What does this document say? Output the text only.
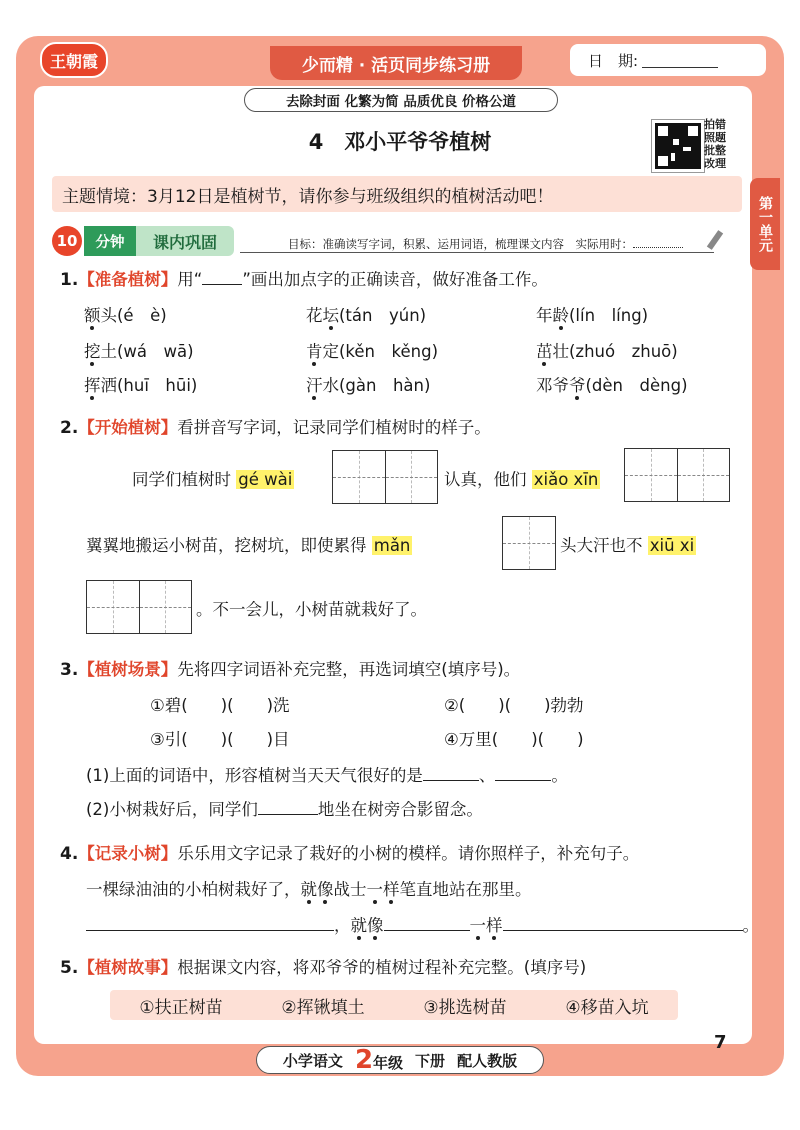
王朝霞	少而精 · 活页同步练习册	日　期:
去除封面 化繁为简 品质优良 价格公道
4　邓小平爷爷植树
拍错
照题
批整
改理
主题情境：3月12日是植树节，请你参与班级组织的植树活动吧！	第一单元
10	分钟	课内巩固	目标：准确读写字词，积累、运用词语，梳理课文内容　实际用时：
1.【准备植树】用“ ”画出加点字的正确读音，做好准备工作。
额头(é　è)	花坛(tán　yún)	年龄(lín　líng)
挖土(wá　wā)	肯定(kěn　kěng)	茁壮(zhuó　zhuō)
挥洒(huī　hūi)	汗水(gàn　hàn)	邓爷爷(dèn　dèng)
2.【开始植树】看拼音写字词，记录同学们植树时的样子。
同学们植树时 gé wài	认真，他们 xiǎo xīn
翼翼地搬运小树苗，挖树坑，即使累得 mǎn	头大汗也不 xiū xi
。不一会儿，小树苗就栽好了。
3.【植树场景】先将四字词语补充完整，再选词填空(填序号)。
①碧(　　)(　　)洗	②(　　)(　　)勃勃
③引(　　)(　　)目	④万里(　　)(　　)
(1)上面的词语中，形容植树当天天气很好的是	、	。
(2)小树栽好后，同学们	地坐在树旁合影留念。
4.【记录小树】乐乐用文字记录了栽好的小树的模样。请你照样子，补充句子。
一棵绿油油的小柏树栽好了，就像战士一样笔直地站在那里。
，就像	一样	。
5.【植树故事】根据课文内容，将邓爷爷的植树过程补充完整。(填序号)
①扶正树苗	②挥锹填土	③挑选树苗	④移苗入坑
小学语文 2年级 下册 配人教版
7
